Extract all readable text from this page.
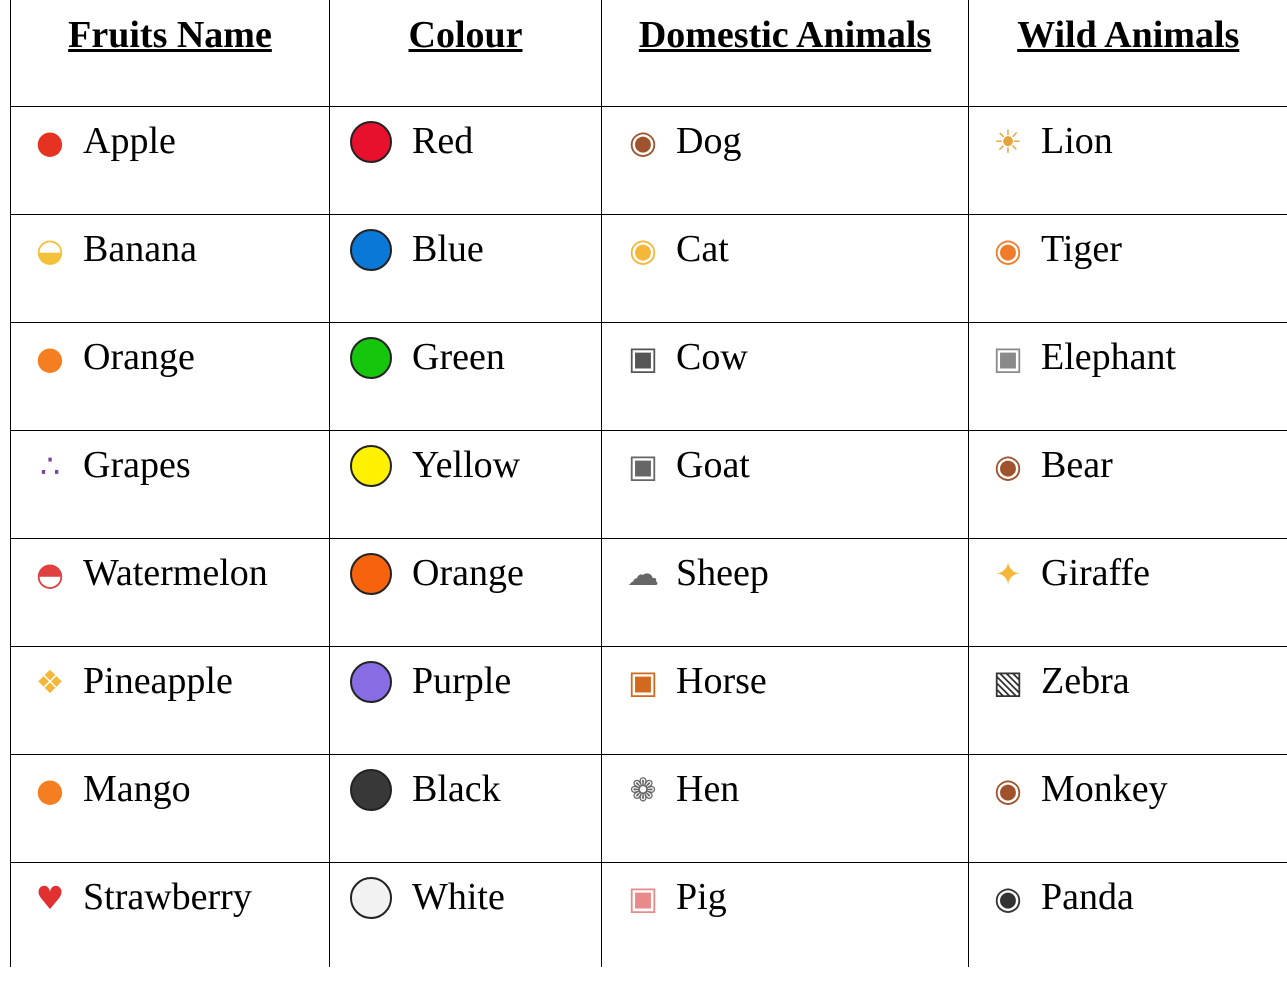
Fruits Name	Colour	Domestic Animals	Wild Animals

● Apple	Red	◉ Dog	☀ Lion

◒ Banana	Blue	◉ Cat	◉ Tiger

● Orange	Green	▣ Cow	▣ Elephant

∴ Grapes	Yellow	▣ Goat	◉ Bear

◓ Watermelon	Orange	☁ Sheep	✦ Giraffe

❖ Pineapple	Purple	▣ Horse	▧ Zebra

● Mango	Black	❁ Hen	◉ Monkey

♥ Strawberry	White	▣ Pig	◉ Panda
